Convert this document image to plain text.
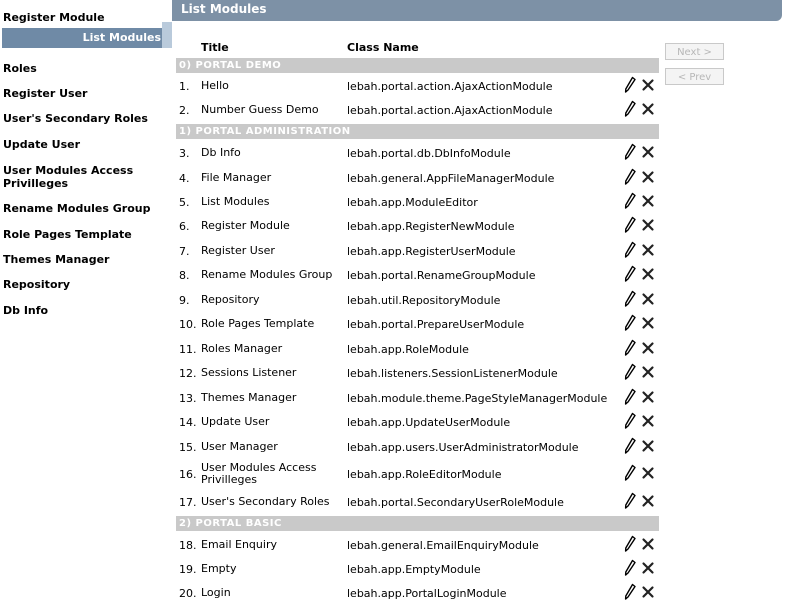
Register Module
List Modules
Roles
Register User
User's Secondary Roles
Update User
User Modules Access Privilleges
Rename Modules Group
Role Pages Template
Themes Manager
Repository
Db Info
List Modules
Title	Class Name	Next >
< Prev
0) PORTAL DEMO
1. Hello	lebah.portal.action.AjaxActionModule
2. Number Guess Demo	lebah.portal.action.AjaxActionModule
1) PORTAL ADMINISTRATION
3. Db Info	lebah.portal.db.DbInfoModule
4. File Manager	lebah.general.AppFileManagerModule
5. List Modules	lebah.app.ModuleEditor
6. Register Module	lebah.app.RegisterNewModule
7. Register User	lebah.app.RegisterUserModule
8. Rename Modules Group	lebah.portal.RenameGroupModule
9. Repository	lebah.util.RepositoryModule
10. Role Pages Template	lebah.portal.PrepareUserModule
11. Roles Manager	lebah.app.RoleModule
12. Sessions Listener	lebah.listeners.SessionListenerModule
13. Themes Manager	lebah.module.theme.PageStyleManagerModule
14. Update User	lebah.app.UpdateUserModule
15. User Manager	lebah.app.users.UserAdministratorModule
16.
User Modules Access Privilleges	lebah.app.RoleEditorModule
17. User's Secondary Roles	lebah.portal.SecondaryUserRoleModule
2) PORTAL BASIC
18. Email Enquiry	lebah.general.EmailEnquiryModule
19. Empty	lebah.app.EmptyModule
20. Login	lebah.app.PortalLoginModule
